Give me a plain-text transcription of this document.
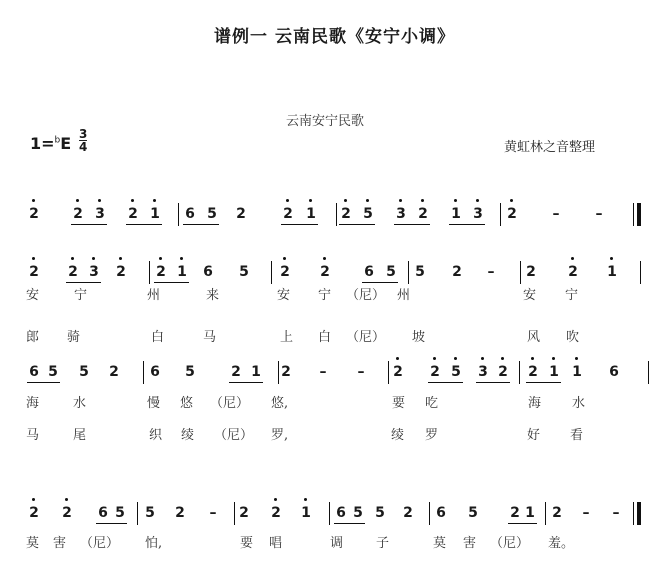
谱例一 云南民歌《安宁小调》
云南安宁民歌
1=$^b$E 3
4	黄虹林之音整理
2 2 3 2 1 6 5 2	2 1 2 5 3 2 1 3 2	–	–
2 2 3 2 2 1 6 5 2 2 6 5 5 2 – 2 2 1
6 5 5 2 6 5	2 1 2 – – 2 2 5 3 2 2 1 1 6
2 2 6 5 5 2 – 2 2 1 6 5 5 2 6 5 2 1 2 – –
安	宁	州	来	安 宁 （尼） 州	安 宁
郎 骑	白	马	上 白 （尼） 坡	风 吹
海	水	慢 悠 （尼） 悠,	要 吃	海 水
马	尾	织 绫 （尼） 罗,	绫 罗	好 看
莫 害 （尼） 怕,	要 唱	调	子	莫 害 （尼） 羞。
